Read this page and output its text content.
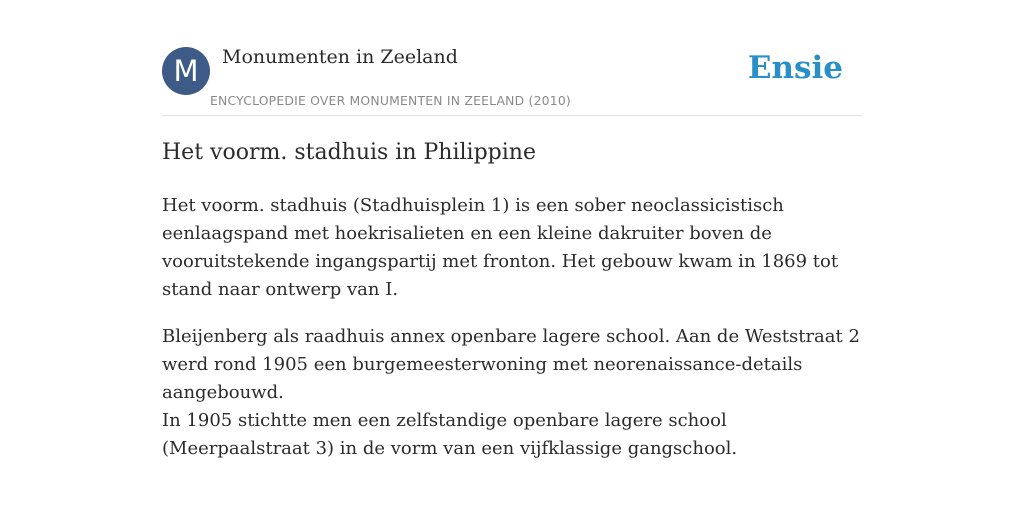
M	Monumenten in Zeeland
ENCYCLOPEDIE OVER MONUMENTEN IN ZEELAND (2010)
Ensie
Het voorm. stadhuis in Philippine

Het voorm. stadhuis (Stadhuisplein 1) is een sober neoclassicistisch eenlaagspand met hoekrisalieten en een kleine dakruiter boven de vooruitstekende ingangspartij met fronton. Het gebouw kwam in 1869 tot stand naar ontwerp van I.

Bleijenberg als raadhuis annex openbare lagere school. Aan de Weststraat 2 werd rond 1905 een burgemeesterwoning met neorenaissance-details aangebouwd.

In 1905 stichtte men een zelfstandige openbare lagere school (Meerpaalstraat 3) in de vorm van een vijfklassige gangschool.
